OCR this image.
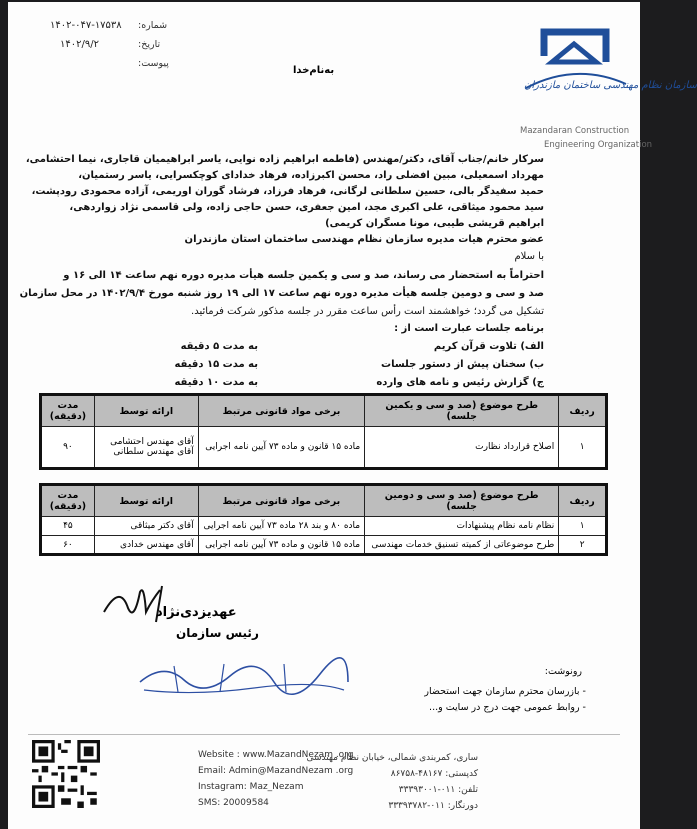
۱۴۰۲-۰۴۷-۱۷۵۳۸ شماره:
۱۴۰۲/۹/۲	تاریخ:
پیوست:
به‌نام‌خدا
سازمان نظام مهندسی ساختمان مازندران
Mazandaran Construction
Engineering Organization
سرکار خانم/جناب آقای، دکتر/مهندس (فاطمه ابراهیم زاده نوایی، یاسر ابراهیمیان قاجاری، نیما احتشامی،
مهرداد اسمعیلی، مبین افضلی راد، محسن اکبرزاده، فرهاد خدادای کوچکسرایی، یاسر رستمیان،
حمید سفیدگر بالی، حسین سلطانی لرگانی، فرهاد فرزاد، فرشاد گوران اوریمی، آزاده محمودی رودپشت،
سید محمود میثاقی، علی اکبری مجد، امین جعفری، حسن حاجی زاده، ولی قاسمی نژاد زواردهی،
ابراهیم قریشی طیبی، مونا مسگران کریمی)
عضو محترم هیات مدیره سازمان نظام مهندسی ساختمان استان مازندران
با سلام
احتراماً به استحضار می رساند، صد و سی و یکمین جلسه هیأت مدیره دوره نهم ساعت ۱۴ الی ۱۶ و
صد و سی و دومین جلسه هیأت مدیره دوره نهم ساعت ۱۷ الی ۱۹ روز شنبه مورخ ۱۴۰۲/۹/۴ در محل سازمان
تشکیل می گردد؛ خواهشمند است رأس ساعت مقرر در جلسه مذکور شرکت فرمائید.
برنامه جلسات عبارت است از :
الف) تلاوت قرآن کریم
به مدت ۵ دقیقه
ب) سخنان پیش از دستور جلسات
به مدت ۱۵ دقیقه
ج) گزارش رئیس و نامه های وارده
به مدت ۱۰ دقیقه
ردیف	طرح موضوع (صد و سی و یکمین جلسه)	برخی مواد قانونی مرتبط	ارائه توسط	مدت (دقیقه)
۱	اصلاح قرارداد نظارت	ماده ۱۵ قانون و ماده ۷۳ آیین نامه اجرایی	آقای مهندس احتشامی
آقای مهندس سلطانی	۹۰
ردیف	طرح موضوع (صد و سی و دومین جلسه)	برخی مواد قانونی مرتبط	ارائه توسط	مدت (دقیقه)
۱	نظام نامه نظام پیشنهادات	ماده ۸۰ و بند ۲۸ ماده ۷۳ آیین نامه اجرایی	آقای دکتر میثاقی	۴۵
۲	طرح موضوعاتی از کمیته تسنیق خدمات مهندسی	ماده ۱۵ قانون و ماده ۷۳ آیین نامه اجرایی	آقای مهندس خدادی	۶۰
عهدیزدی‌نژاد
رئیس سازمان
رونوشت:
- بازرسان محترم سازمان جهت استحضار
- روابط عمومی جهت درج در سایت و...
Website : www.MazandNezam .org
Email: Admin@MazandNezam .org
Instagram: Maz_Nezam
SMS: 20009584
ساری، کمربندی شمالی، خیابان نظام مهندسی
کدپستی: ۴۸۱۶۷-۸۶۷۵۸
تلفن: ۰۱۱-۳۳۳۹۳۰۰۱
دورنگار: ۰۱۱-۳۳۳۹۳۷۸۲
